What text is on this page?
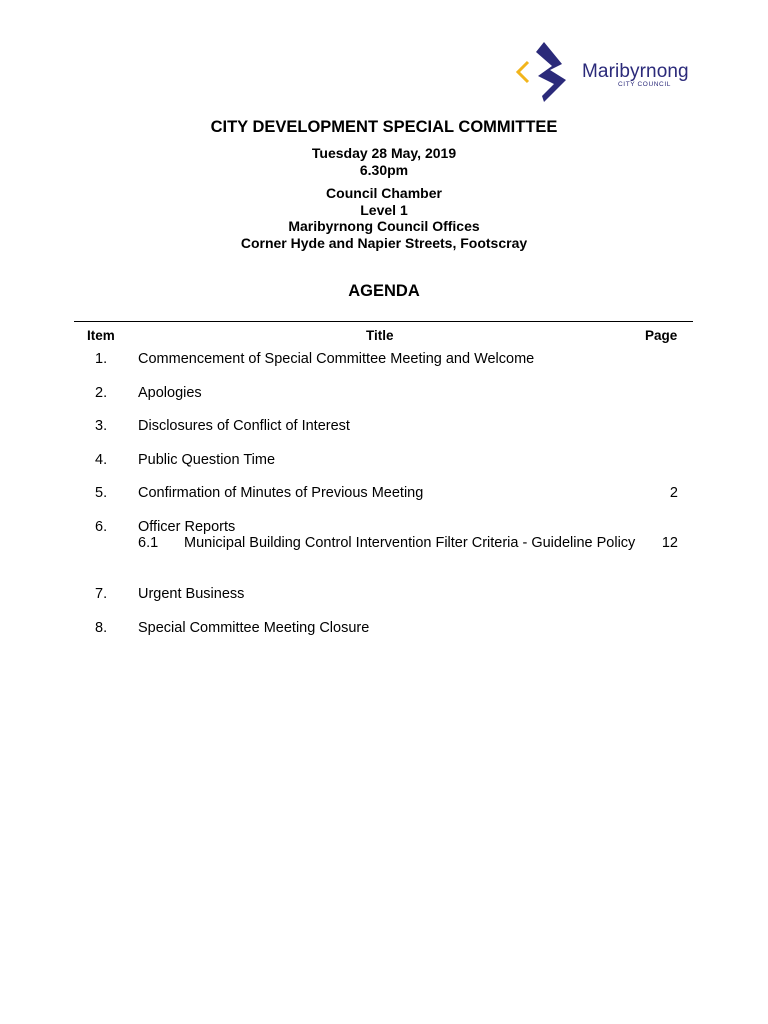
Maribyrnong
CITY COUNCIL
CITY DEVELOPMENT SPECIAL COMMITTEE
Tuesday 28 May, 2019
6.30pm
Council Chamber
Level 1
Maribyrnong Council Offices
Corner Hyde and Napier Streets, Footscray
AGENDA
Item	Title	Page
1. Commencement of Special Committee Meeting and Welcome
2. Apologies
3. Disclosures of Conflict of Interest
4. Public Question Time
5. Confirmation of Minutes of Previous Meeting	2
6. Officer Reports
6.1 Municipal Building Control Intervention Filter Criteria - Guideline Policy	12
7. Urgent Business
8. Special Committee Meeting Closure
